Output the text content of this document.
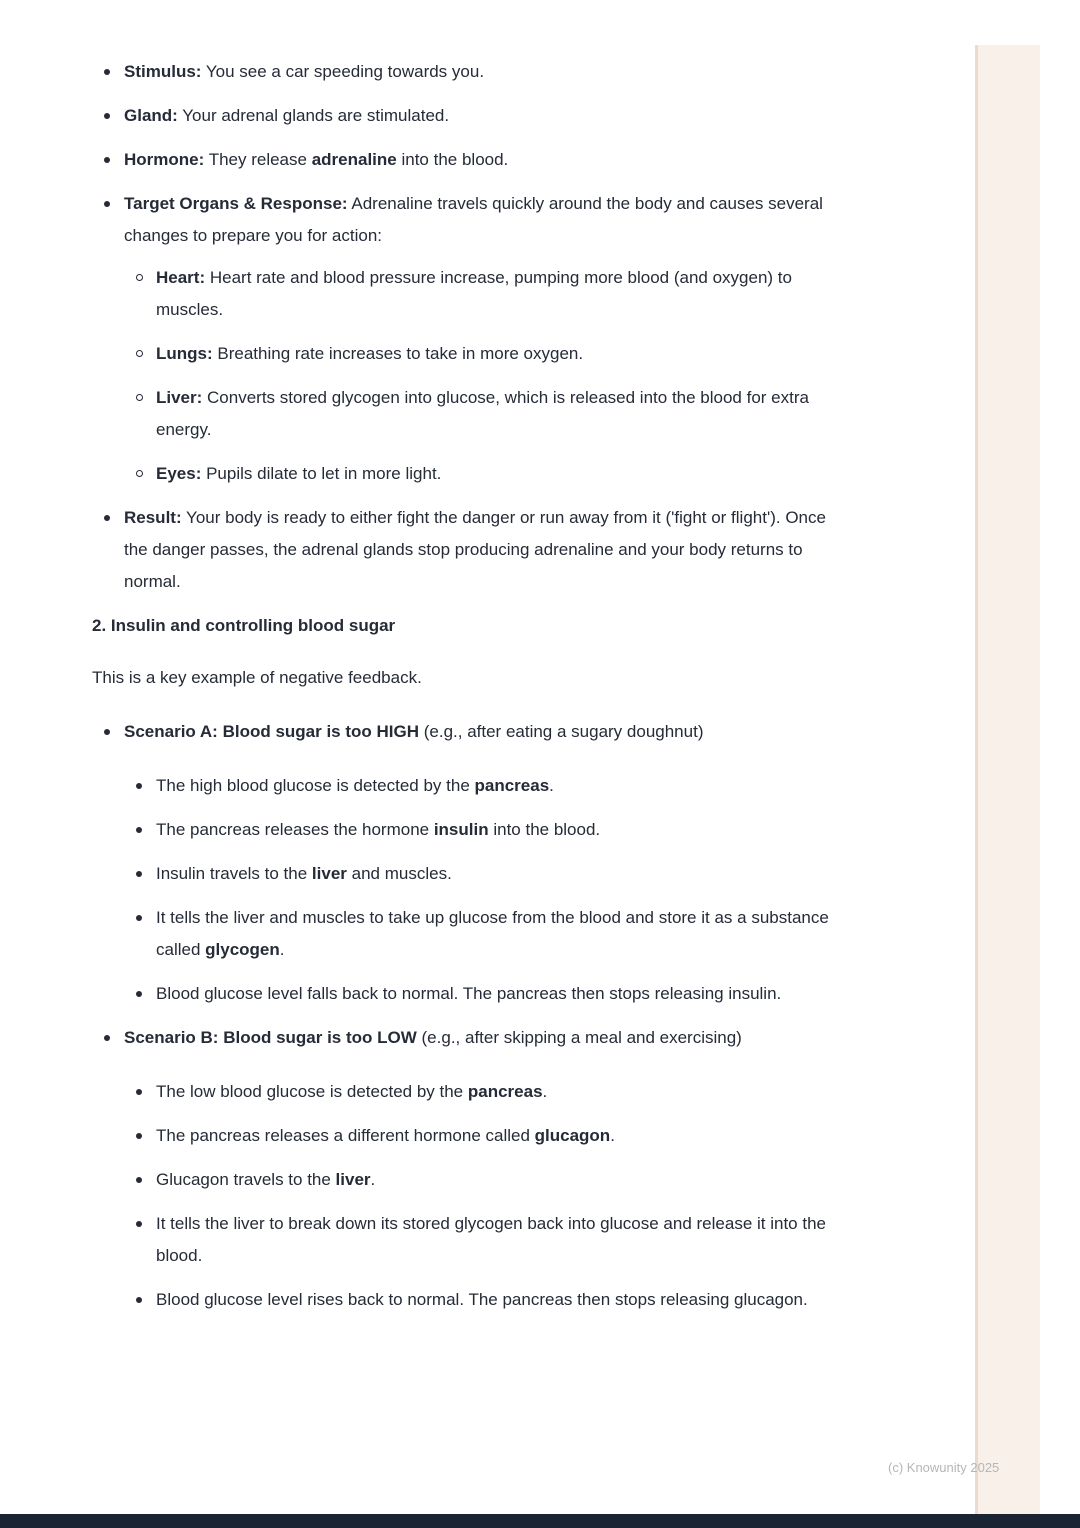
(c) Knowunity 2025
Stimulus: You see a car speeding towards you.
Gland: Your adrenal glands are stimulated.
Hormone: They release adrenaline into the blood.
Target Organs & Response: Adrenaline travels quickly around the body and causes several changes to prepare you for action:
Heart: Heart rate and blood pressure increase, pumping more blood (and oxygen) to muscles.
Lungs: Breathing rate increases to take in more oxygen.
Liver: Converts stored glycogen into glucose, which is released into the blood for extra energy.
Eyes: Pupils dilate to let in more light.
Result: Your body is ready to either fight the danger or run away from it ('fight or flight'). Once the danger passes, the adrenal glands stop producing adrenaline and your body returns to normal.
2. Insulin and controlling blood sugar

This is a key example of negative feedback.

Scenario A: Blood sugar is too HIGH (e.g., after eating a sugary doughnut)
The high blood glucose is detected by the pancreas.
The pancreas releases the hormone insulin into the blood.
Insulin travels to the liver and muscles.
It tells the liver and muscles to take up glucose from the blood and store it as a substance called glycogen.
Blood glucose level falls back to normal. The pancreas then stops releasing insulin.
Scenario B: Blood sugar is too LOW (e.g., after skipping a meal and exercising)
The low blood glucose is detected by the pancreas.
The pancreas releases a different hormone called glucagon.
Glucagon travels to the liver.
It tells the liver to break down its stored glycogen back into glucose and release it into the blood.
Blood glucose level rises back to normal. The pancreas then stops releasing glucagon.
